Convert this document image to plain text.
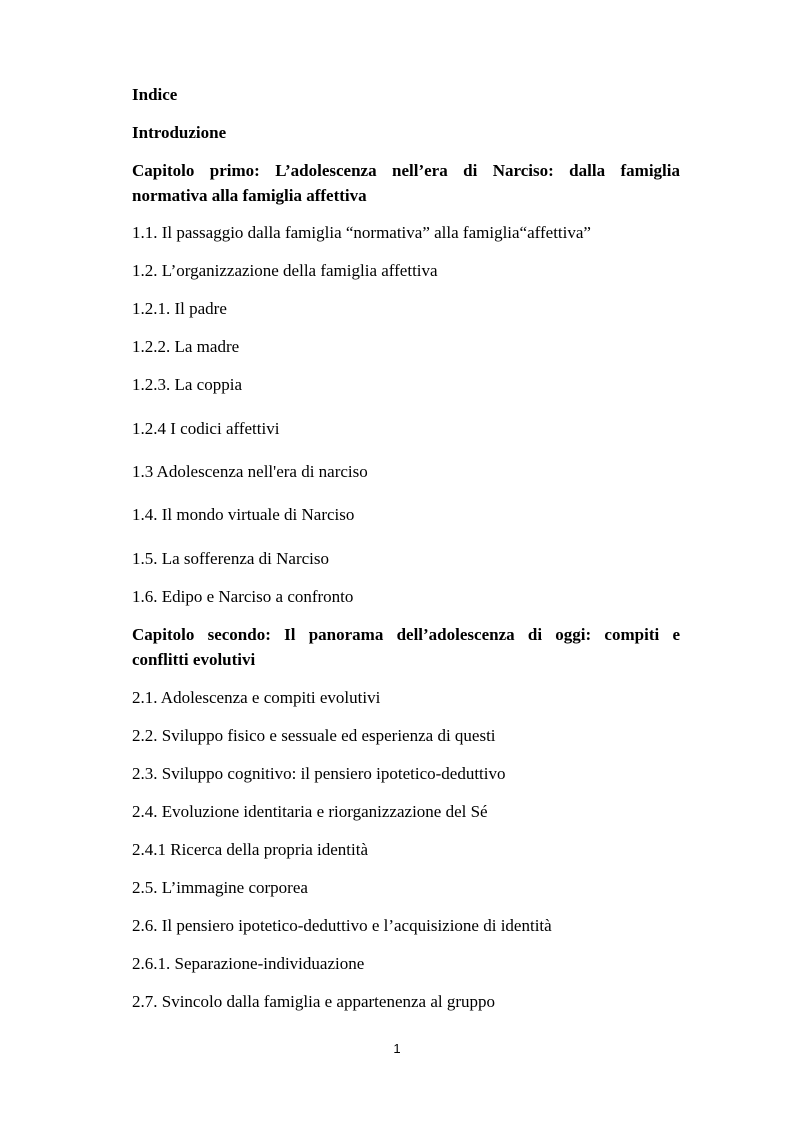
Indice
Introduzione
Capitolo primo: L’adolescenza nell’era di Narciso: dalla famiglia
normativa alla famiglia affettiva
1.1. Il passaggio dalla famiglia “normativa” alla famiglia“affettiva”
1.2. L’organizzazione della famiglia affettiva
1.2.1. Il padre
1.2.2. La madre
1.2.3. La coppia
1.2.4 I codici affettivi
1.3 Adolescenza nell'era di narciso
1.4. Il mondo virtuale di Narciso
1.5. La sofferenza di Narciso
1.6. Edipo e Narciso a confronto
Capitolo secondo: Il panorama dell’adolescenza di oggi: compiti e
conflitti evolutivi
2.1. Adolescenza e compiti evolutivi
2.2. Sviluppo fisico e sessuale ed esperienza di questi
2.3. Sviluppo cognitivo: il pensiero ipotetico-deduttivo
2.4. Evoluzione identitaria e riorganizzazione del Sé
2.4.1 Ricerca della propria identità
2.5. L’immagine corporea
2.6. Il pensiero ipotetico-deduttivo e l’acquisizione di identità
2.6.1. Separazione-individuazione
2.7. Svincolo dalla famiglia e appartenenza al gruppo
1
